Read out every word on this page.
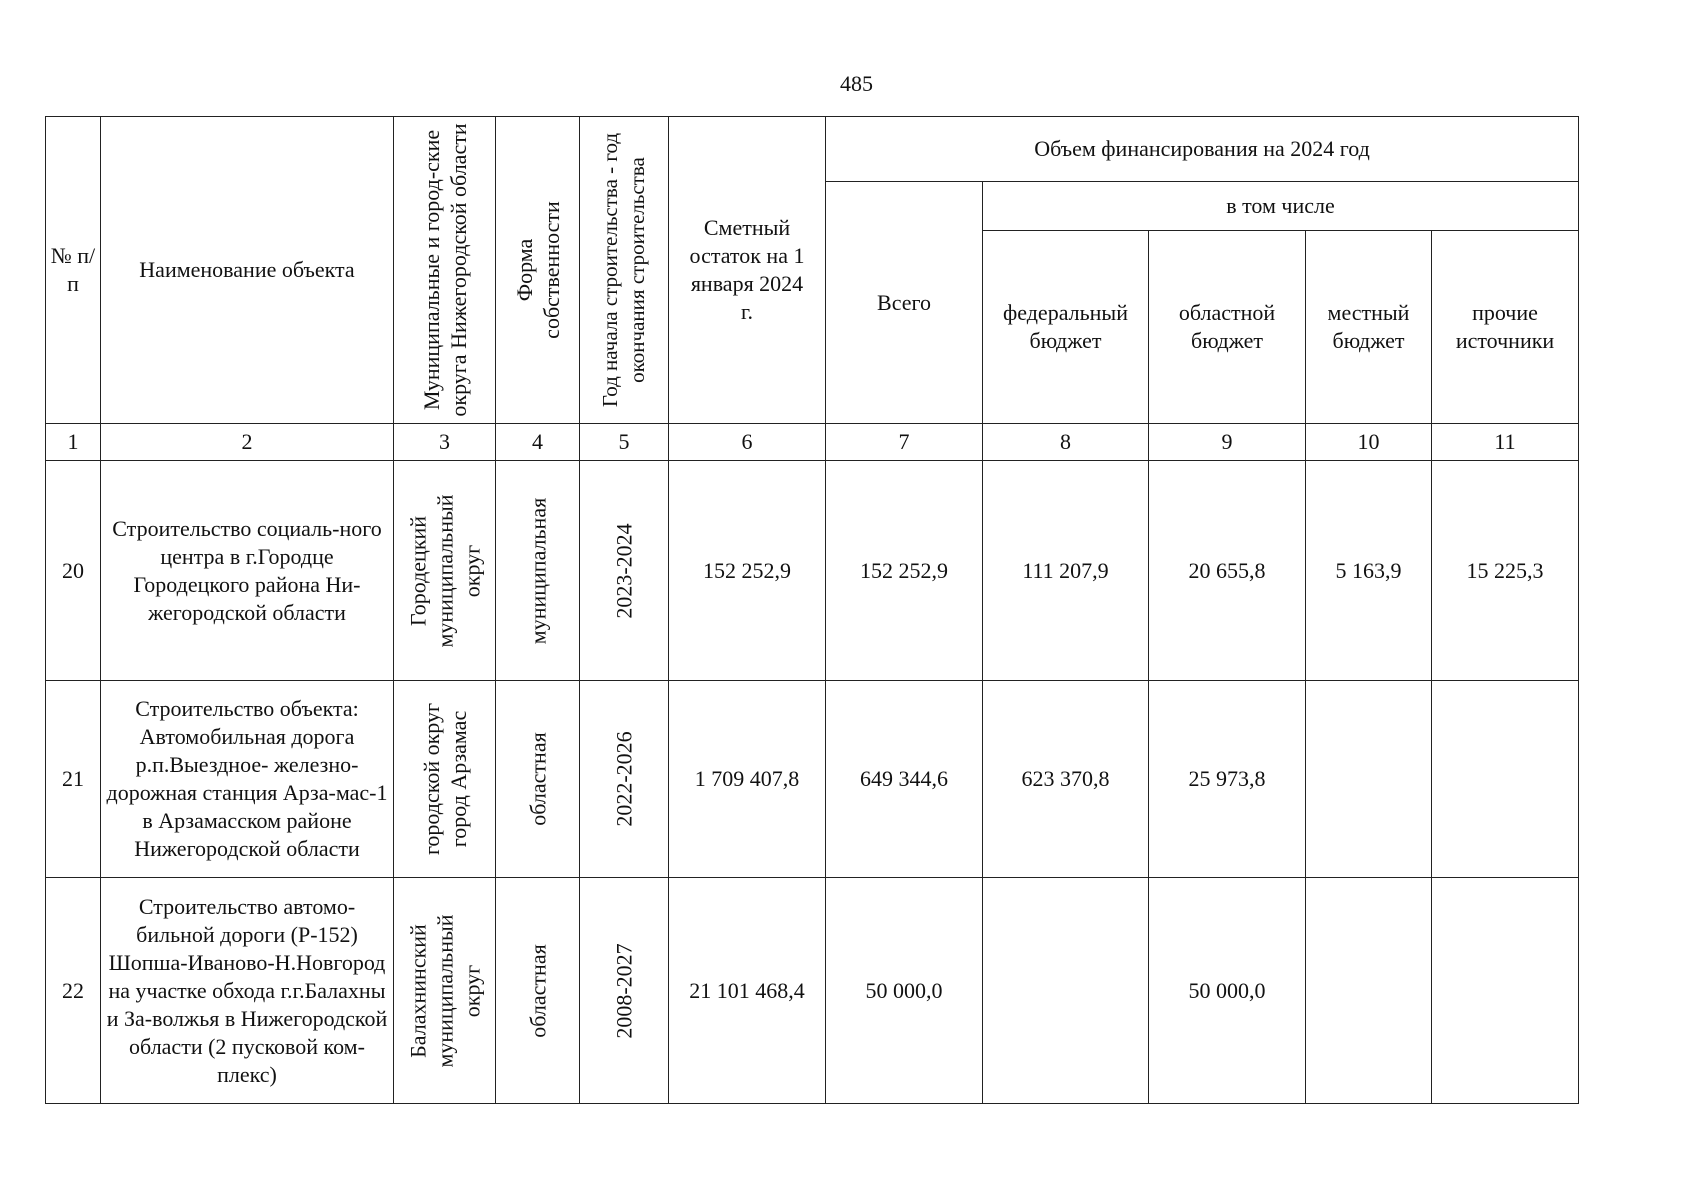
485
№ п/п	Наименование объекта	Муниципальные и город-ские округа Нижегородской области	Форма собственности	Год начала строительства - год окончания строительства	Сметный остаток на 1 января 2024 г.	Объем финансирования на 2024 год				
						Всего	в том числе			

							федеральный бюджет	областной бюджет	местный бюджет	прочие источники

1	2	3	4	5	6	7	8	9	10	11
20	Строительство социаль-ного центра в г.Городце Городецкого района Ни-жегородской области	Городецкий муниципальный округ	муниципальная	2023-2024	152 252,9	152 252,9	111 207,9	20 655,8	5 163,9	15 225,3
21	Строительство объекта: Автомобильная дорога р.п.Выездное- железно-дорожная станция Арза-мас-1 в Арзамасском районе Нижегородской области	городской округ город Арзамас	областная	2022-2026	1 709 407,8	649 344,6	623 370,8	25 973,8		
22	Строительство автомо-бильной дороги (Р-152) Шопша-Иваново-Н.Новгород на участке обхода г.г.Балахны и За-волжья в Нижегородской области (2 пусковой ком-плекс)	Балахнинский муниципальный округ	областная	2008-2027	21 101 468,4	50 000,0		50 000,0		
